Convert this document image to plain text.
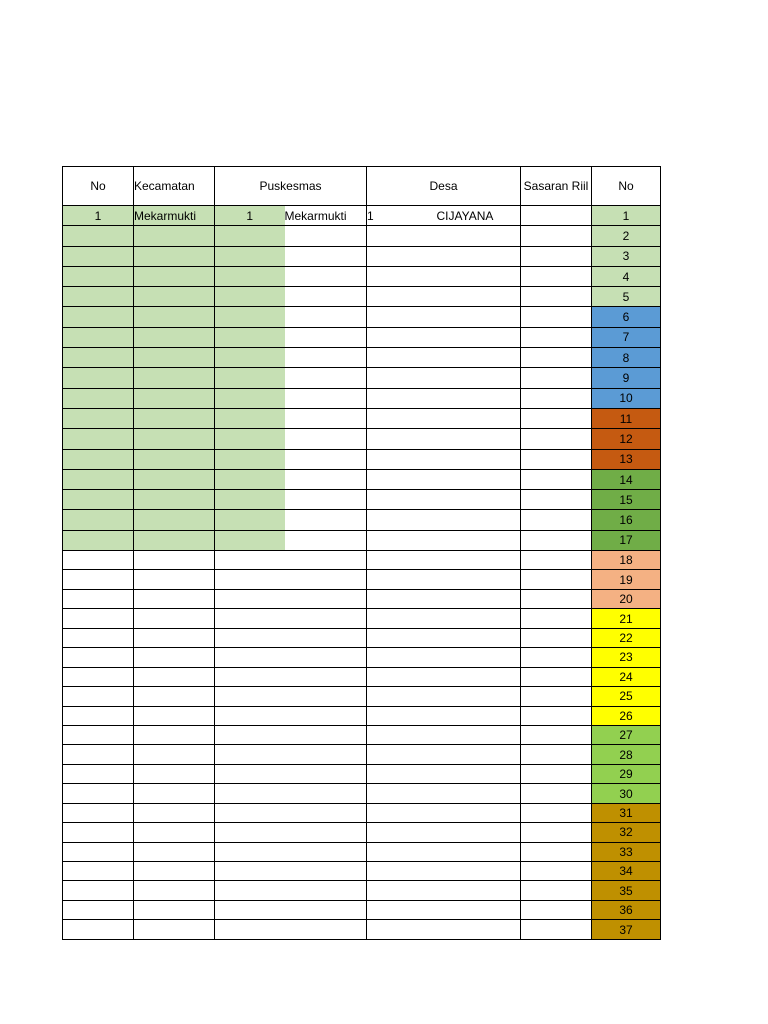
No	Kecamatan	Puskesmas		Desa		Sasaran Riil	No
1	Mekarmukti	1	Mekarmukti	1	CIJAYANA		1
							2
							3
							4
							5
							6
							7
							8
							9
							10
							11
							12
							13
							14
							15
							16
							17
							18
							19
							20
							21
							22
							23
							24
							25
							26
							27
							28
							29
							30
							31
							32
							33
							34
							35
							36
							37
